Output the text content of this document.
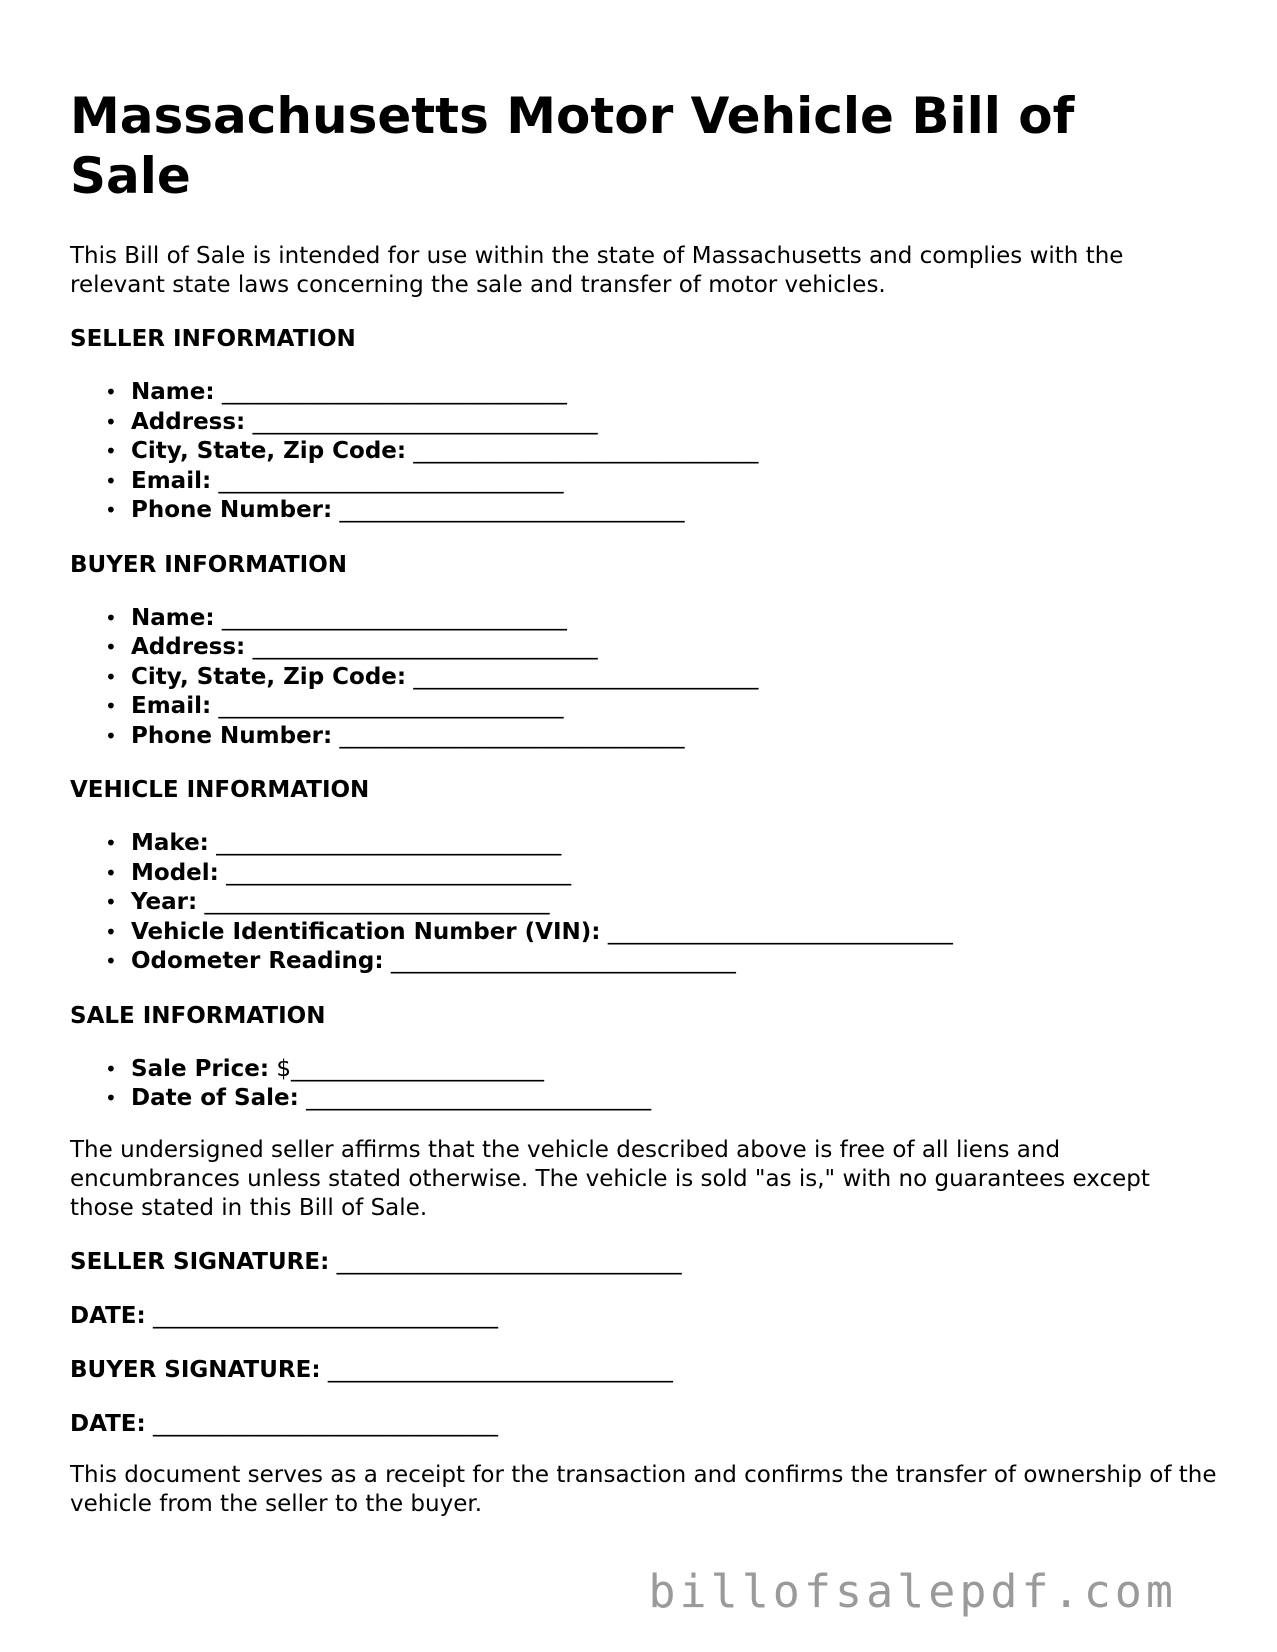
Massachusetts Motor Vehicle Bill of Sale

This Bill of Sale is intended for use within the state of Massachusetts and complies with the relevant state laws concerning the sale and transfer of motor vehicles.

SELLER INFORMATION
• Name: ______________________________
• Address: ______________________________
• City, State, Zip Code: ______________________________
• Email: ______________________________
• Phone Number: ______________________________
BUYER INFORMATION
• Name: ______________________________
• Address: ______________________________
• City, State, Zip Code: ______________________________
• Email: ______________________________
• Phone Number: ______________________________
VEHICLE INFORMATION
• Make: ______________________________
• Model: ______________________________
• Year: ______________________________
• Vehicle Identification Number (VIN): ______________________________
• Odometer Reading: ______________________________
SALE INFORMATION
• Sale Price: $______________________
• Date of Sale: ______________________________

The undersigned seller affirms that the vehicle described above is free of all liens and encumbrances unless stated otherwise. The vehicle is sold "as is," with no guarantees except those stated in this Bill of Sale.

SELLER SIGNATURE: ______________________________
DATE: ______________________________
BUYER SIGNATURE: ______________________________
DATE: ______________________________

This document serves as a receipt for the transaction and confirms the transfer of ownership of the vehicle from the seller to the buyer.

billofsalepdf.com
